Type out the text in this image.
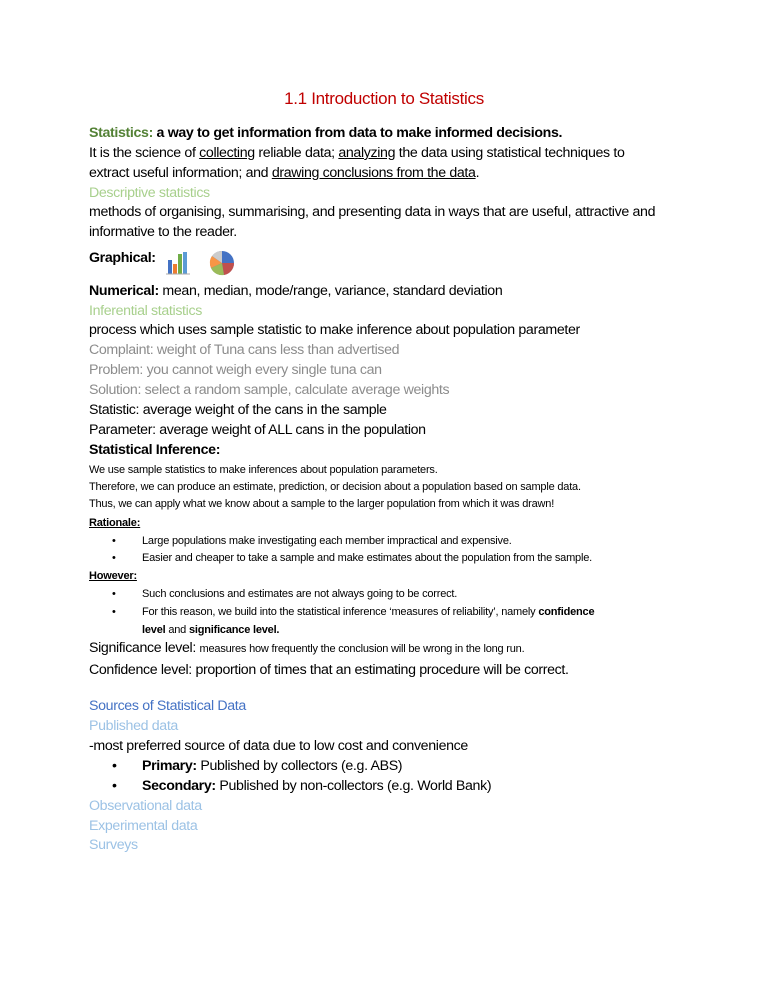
1.1 Introduction to Statistics
Statistics: a way to get information from data to make informed decisions.
It is the science of collecting reliable data; analyzing the data using statistical techniques to
extract useful information; and drawing conclusions from the data.
Descriptive statistics
methods of organising, summarising, and presenting data in ways that are useful, attractive and
informative to the reader.
Graphical:
Numerical: mean, median, mode/range, variance, standard deviation
Inferential statistics
process which uses sample statistic to make inference about population parameter
Complaint: weight of Tuna cans less than advertised
Problem: you cannot weigh every single tuna can
Solution: select a random sample, calculate average weights
Statistic: average weight of the cans in the sample
Parameter: average weight of ALL cans in the population
Statistical Inference:
We use sample statistics to make inferences about population parameters.
Therefore, we can produce an estimate, prediction, or decision about a population based on sample data.
Thus, we can apply what we know about a sample to the larger population from which it was drawn!
Rationale:
• Large populations make investigating each member impractical and expensive.
• Easier and cheaper to take a sample and make estimates about the population from the sample.
However:
• Such conclusions and estimates are not always going to be correct.
• For this reason, we build into the statistical inference ‘measures of reliability’, namely confidence
level and significance level.
Significance level: measures how frequently the conclusion will be wrong in the long run.
Confidence level: proportion of times that an estimating procedure will be correct.
Sources of Statistical Data
Published data
-most preferred source of data due to low cost and convenience
• Primary: Published by collectors (e.g. ABS)
• Secondary: Published by non-collectors (e.g. World Bank)
Observational data
Experimental data
Surveys
